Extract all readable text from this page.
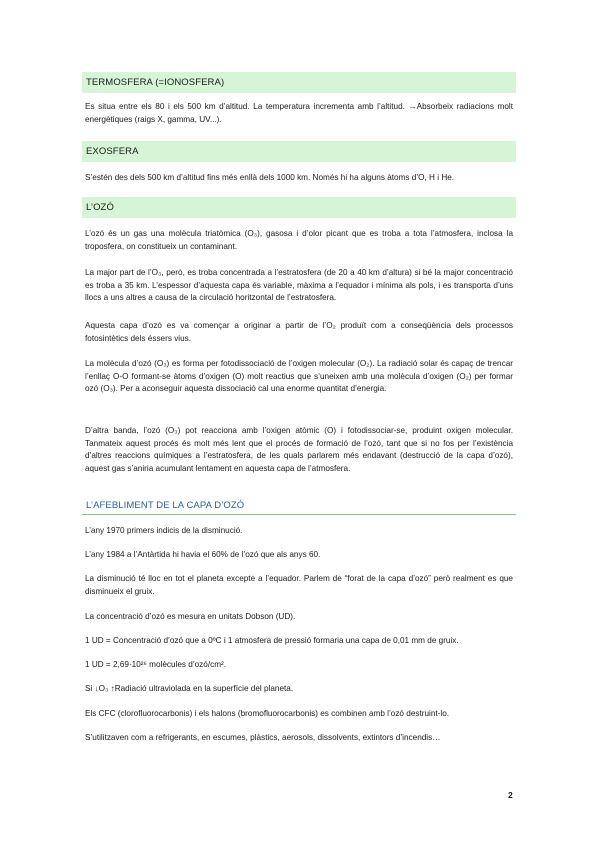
TERMOSFERA (=IONOSFERA)

Es situa entre els 80 i els 500 km d’altitud. La temperatura incrementa amb l’altitud. →Absorbeix radiacions molt energètiques (raigs X, gamma, UV...).

EXOSFERA

S’estén des dels 500 km d’altitud fins més enllà dels 1000 km. Només hi ha alguns àtoms d’O, H i He.

L’OZÓ

L’ozó és un gas una molècula triatòmica (O₃), gasosa i d’olor picant que es troba a tota l’atmosfera, inclosa la troposfera, on constitueix un contaminant.

La major part de l’O₃, però, es troba concentrada a l’estratosfera (de 20 a 40 km d’altura) si bé la major concentració es troba a 35 km. L’espessor d’aquesta capa és variable, màxima a l’equador i mínima als pols, i es transporta d’uns llocs a uns altres a causa de la circulació horitzontal de l’estratosfera.

Aquesta capa d’ozó es va començar a originar a partir de l’O₂ produït com a conseqüència dels processos fotosintètics dels éssers vius.

La molècula d’ozó (O₃) es forma per fotodissociació de l’oxigen molecular (O₂). La radiació solar és capaç de trencar l’enllaç O-O formant-se àtoms d’oxigen (O) molt reactius que s’uneixen amb una molècula d’oxigen (O₂) per formar ozó (O₃). Per a aconseguir aquesta dissociació cal una enorme quantitat d’energia.

D’altra banda, l’ozó (O₃) pot reacciona amb l’oxigen atòmic (O) i fotodissociar-se, produint oxigen molecular. Tanmateix aquest procés és molt més lent que el procés de formació de l’ozó, tant que si no fos per l’existència d’altres reaccions químiques a l’estratosfera, de les quals parlarem més endavant (destrucció de la capa d’ozó), aquest gas s’aniria acumulant lentament en aquesta capa de l’atmosfera.

L’AFEBLIMENT DE LA CAPA D’OZÓ
L’any 1970 primers indicis de la disminució.
L’any 1984 a l’Antàrtida hi havia el 60% de l’ozó que als anys 60.

La disminució té lloc en tot el planeta excepte a l’equador. Parlem de “forat de la capa d’ozó” però realment es que disminueix el gruix.

La concentració d’ozó es mesura en unitats Dobson (UD).
1 UD = Concentració d’ozó que a 0ºC i 1 atmosfera de pressió formaria una capa de 0,01 mm de gruix.
1 UD = 2,69·10²⁶ molècules d’ozó/cm².
Si ↓O₃ ↑Radiació ultraviolada en la superfície del planeta.
Els CFC (clorofluorocarbonis) i els halons (bromofluorocarbonis) es combinen amb l’ozó destruint-lo.
S’utilitzaven com a refrigerants, en escumes, plàstics, aerosols, dissolvents, extintors d’incendis…
2
